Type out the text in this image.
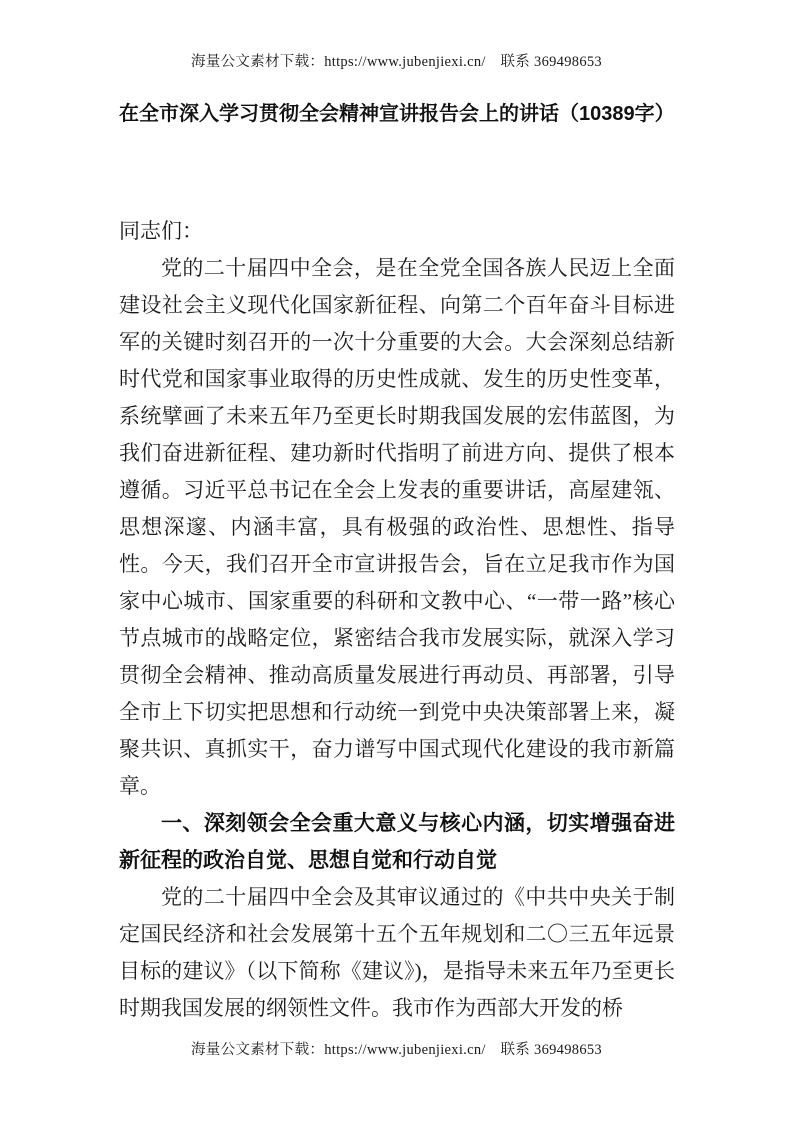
海量公文素材下载：https://www.jubenjiexi.cn/　联系 369498653
在全市深入学习贯彻全会精神宣讲报告会上的讲话（10389字）

同志们：

党的二十届四中全会，是在全党全国各族人民迈上全面建设社会主义现代化国家新征程、向第二个百年奋斗目标进军的关键时刻召开的一次十分重要的大会。大会深刻总结新时代党和国家事业取得的历史性成就、发生的历史性变革，系统擘画了未来五年乃至更长时期我国发展的宏伟蓝图，为我们奋进新征程、建功新时代指明了前进方向、提供了根本遵循。习近平总书记在全会上发表的重要讲话，高屋建瓴、思想深邃、内涵丰富，具有极强的政治性、思想性、指导性。今天，我们召开全市宣讲报告会，旨在立足我市作为国家中心城市、国家重要的科研和文教中心、“一带一路”核心节点城市的战略定位，紧密结合我市发展实际，就深入学习贯彻全会精神、推动高质量发展进行再动员、再部署，引导全市上下切实把思想和行动统一到党中央决策部署上来，凝聚共识、真抓实干，奋力谱写中国式现代化建设的我市新篇章。

一、深刻领会全会重大意义与核心内涵，切实增强奋进新征程的政治自觉、思想自觉和行动自觉

党的二十届四中全会及其审议通过的《中共中央关于制定国民经济和社会发展第十五个五年规划和二〇三五年远景目标的建议》（以下简称《建议》)，是指导未来五年乃至更长时期我国发展的纲领性文件。我市作为西部大开发的桥

海量公文素材下载：https://www.jubenjiexi.cn/　联系 369498653
